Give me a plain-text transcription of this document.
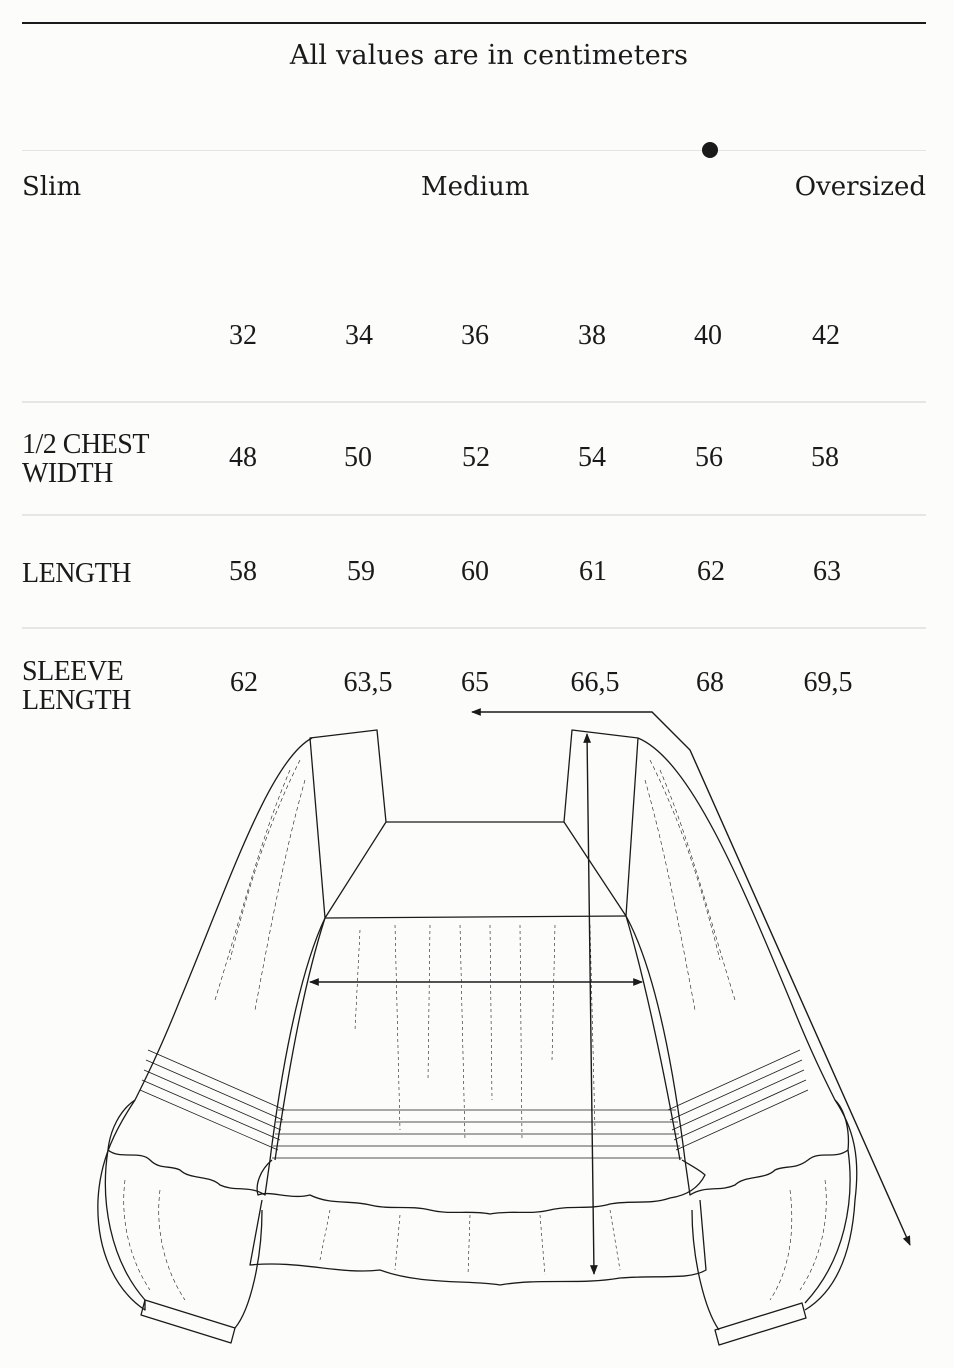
All values are in centimeters
Slim	Medium	Oversized
32	34	36	38	40	42
1/2 CHEST
WIDTH
48	50	52	54	56	58
LENGTH	58	59	60	61	62	63
SLEEVE
LENGTH
62	63,5	65	66,5	68	69,5
